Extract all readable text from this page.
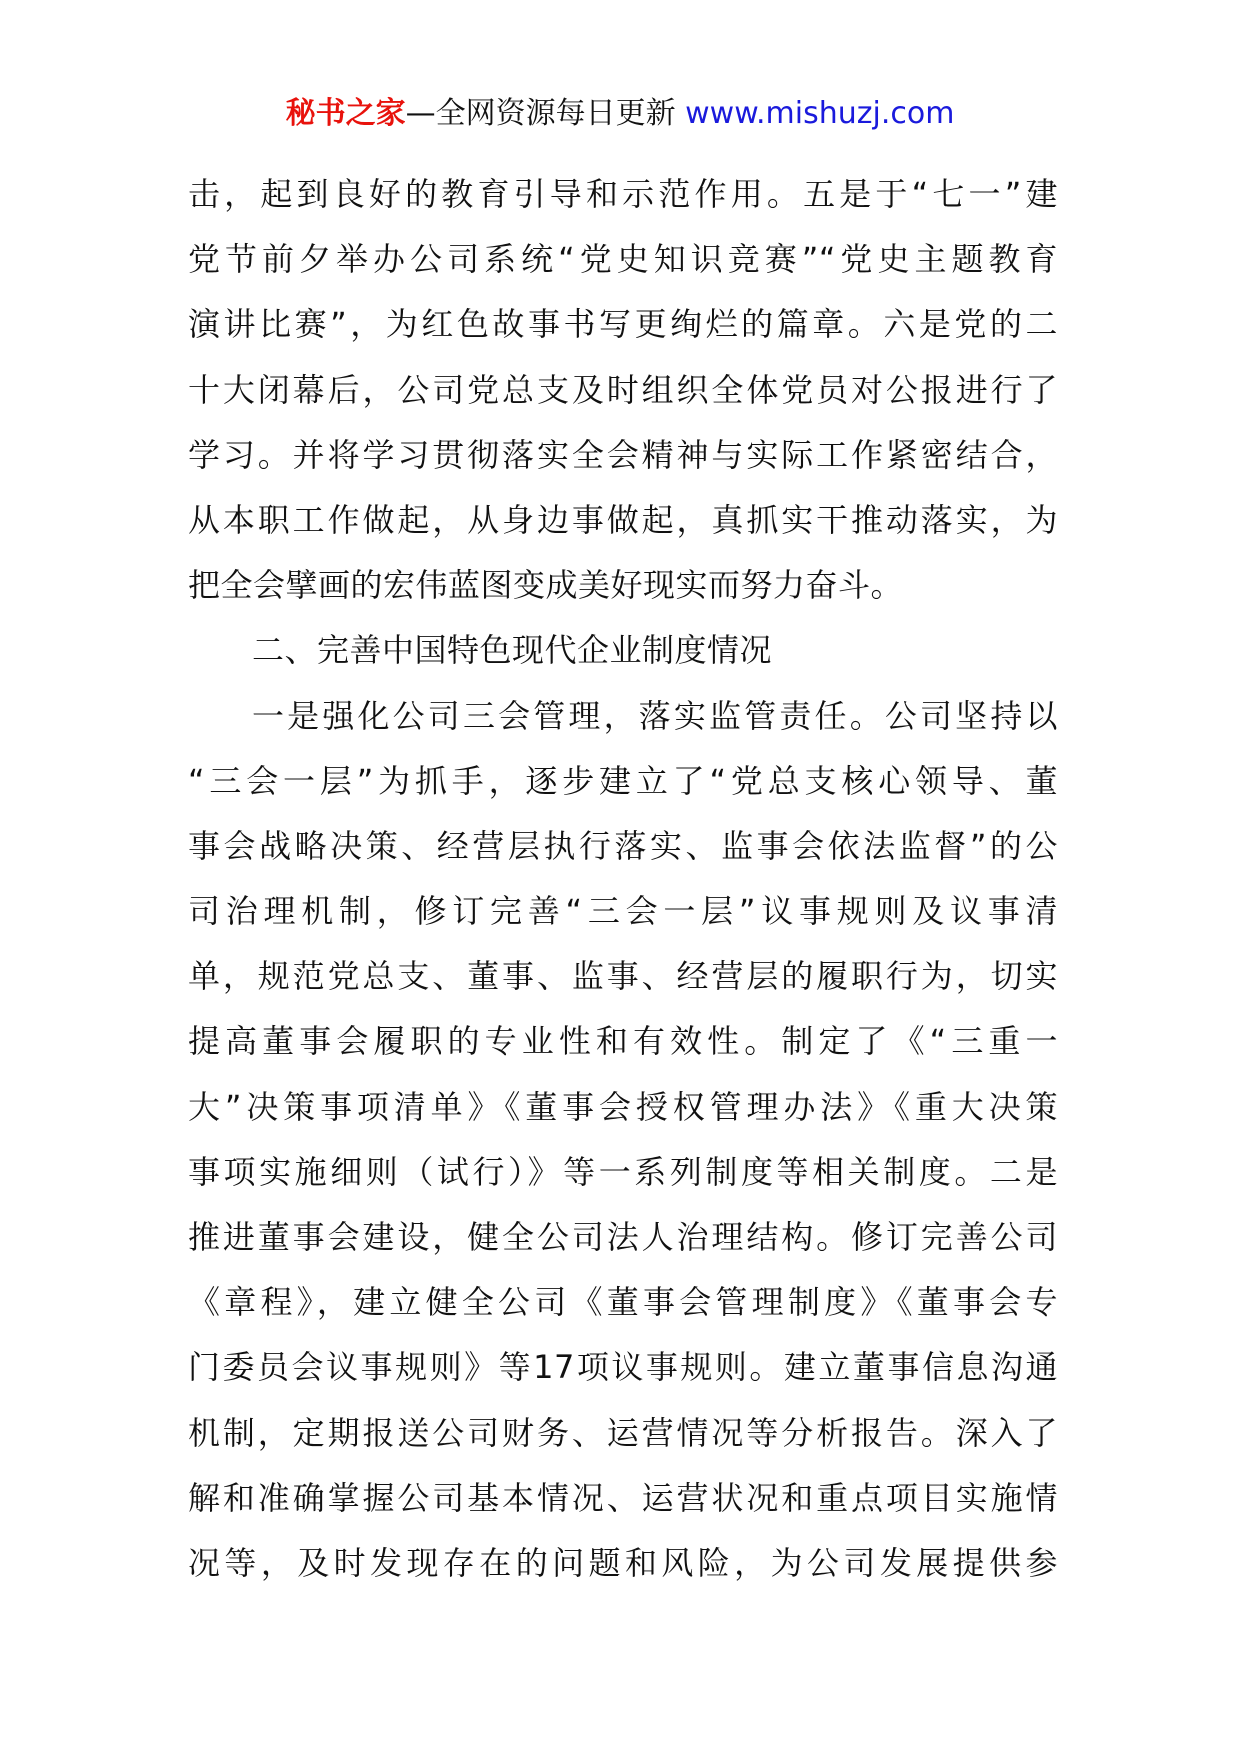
秘书之家—全网资源每日更新 www.mishuzj.com
击，起到良好的教育引导和示范作用。五是于“七一”建
党节前夕举办公司系统“党史知识竞赛”“党史主题教育
演讲比赛”，为红色故事书写更绚烂的篇章。六是党的二
十大闭幕后，公司党总支及时组织全体党员对公报进行了
学习。并将学习贯彻落实全会精神与实际工作紧密结合，
从本职工作做起，从身边事做起，真抓实干推动落实，为
把全会擘画的宏伟蓝图变成美好现实而努力奋斗。
二、完善中国特色现代企业制度情况
一是强化公司三会管理，落实监管责任。公司坚持以
“三会一层”为抓手，逐步建立了“党总支核心领导、董
事会战略决策、经营层执行落实、监事会依法监督”的公
司治理机制，修订完善“三会一层”议事规则及议事清
单，规范党总支、董事、监事、经营层的履职行为，切实
提高董事会履职的专业性和有效性。制定了《“三重一
大”决策事项清单》《董事会授权管理办法》《重大决策
事项实施细则（试行）》等一系列制度等相关制度。二是
推进董事会建设，健全公司法人治理结构。修订完善公司
《章程》，建立健全公司《董事会管理制度》《董事会专
门委员会议事规则》等17项议事规则。建立董事信息沟通
机制，定期报送公司财务、运营情况等分析报告。深入了
解和准确掌握公司基本情况、运营状况和重点项目实施情
况等，及时发现存在的问题和风险，为公司发展提供参
